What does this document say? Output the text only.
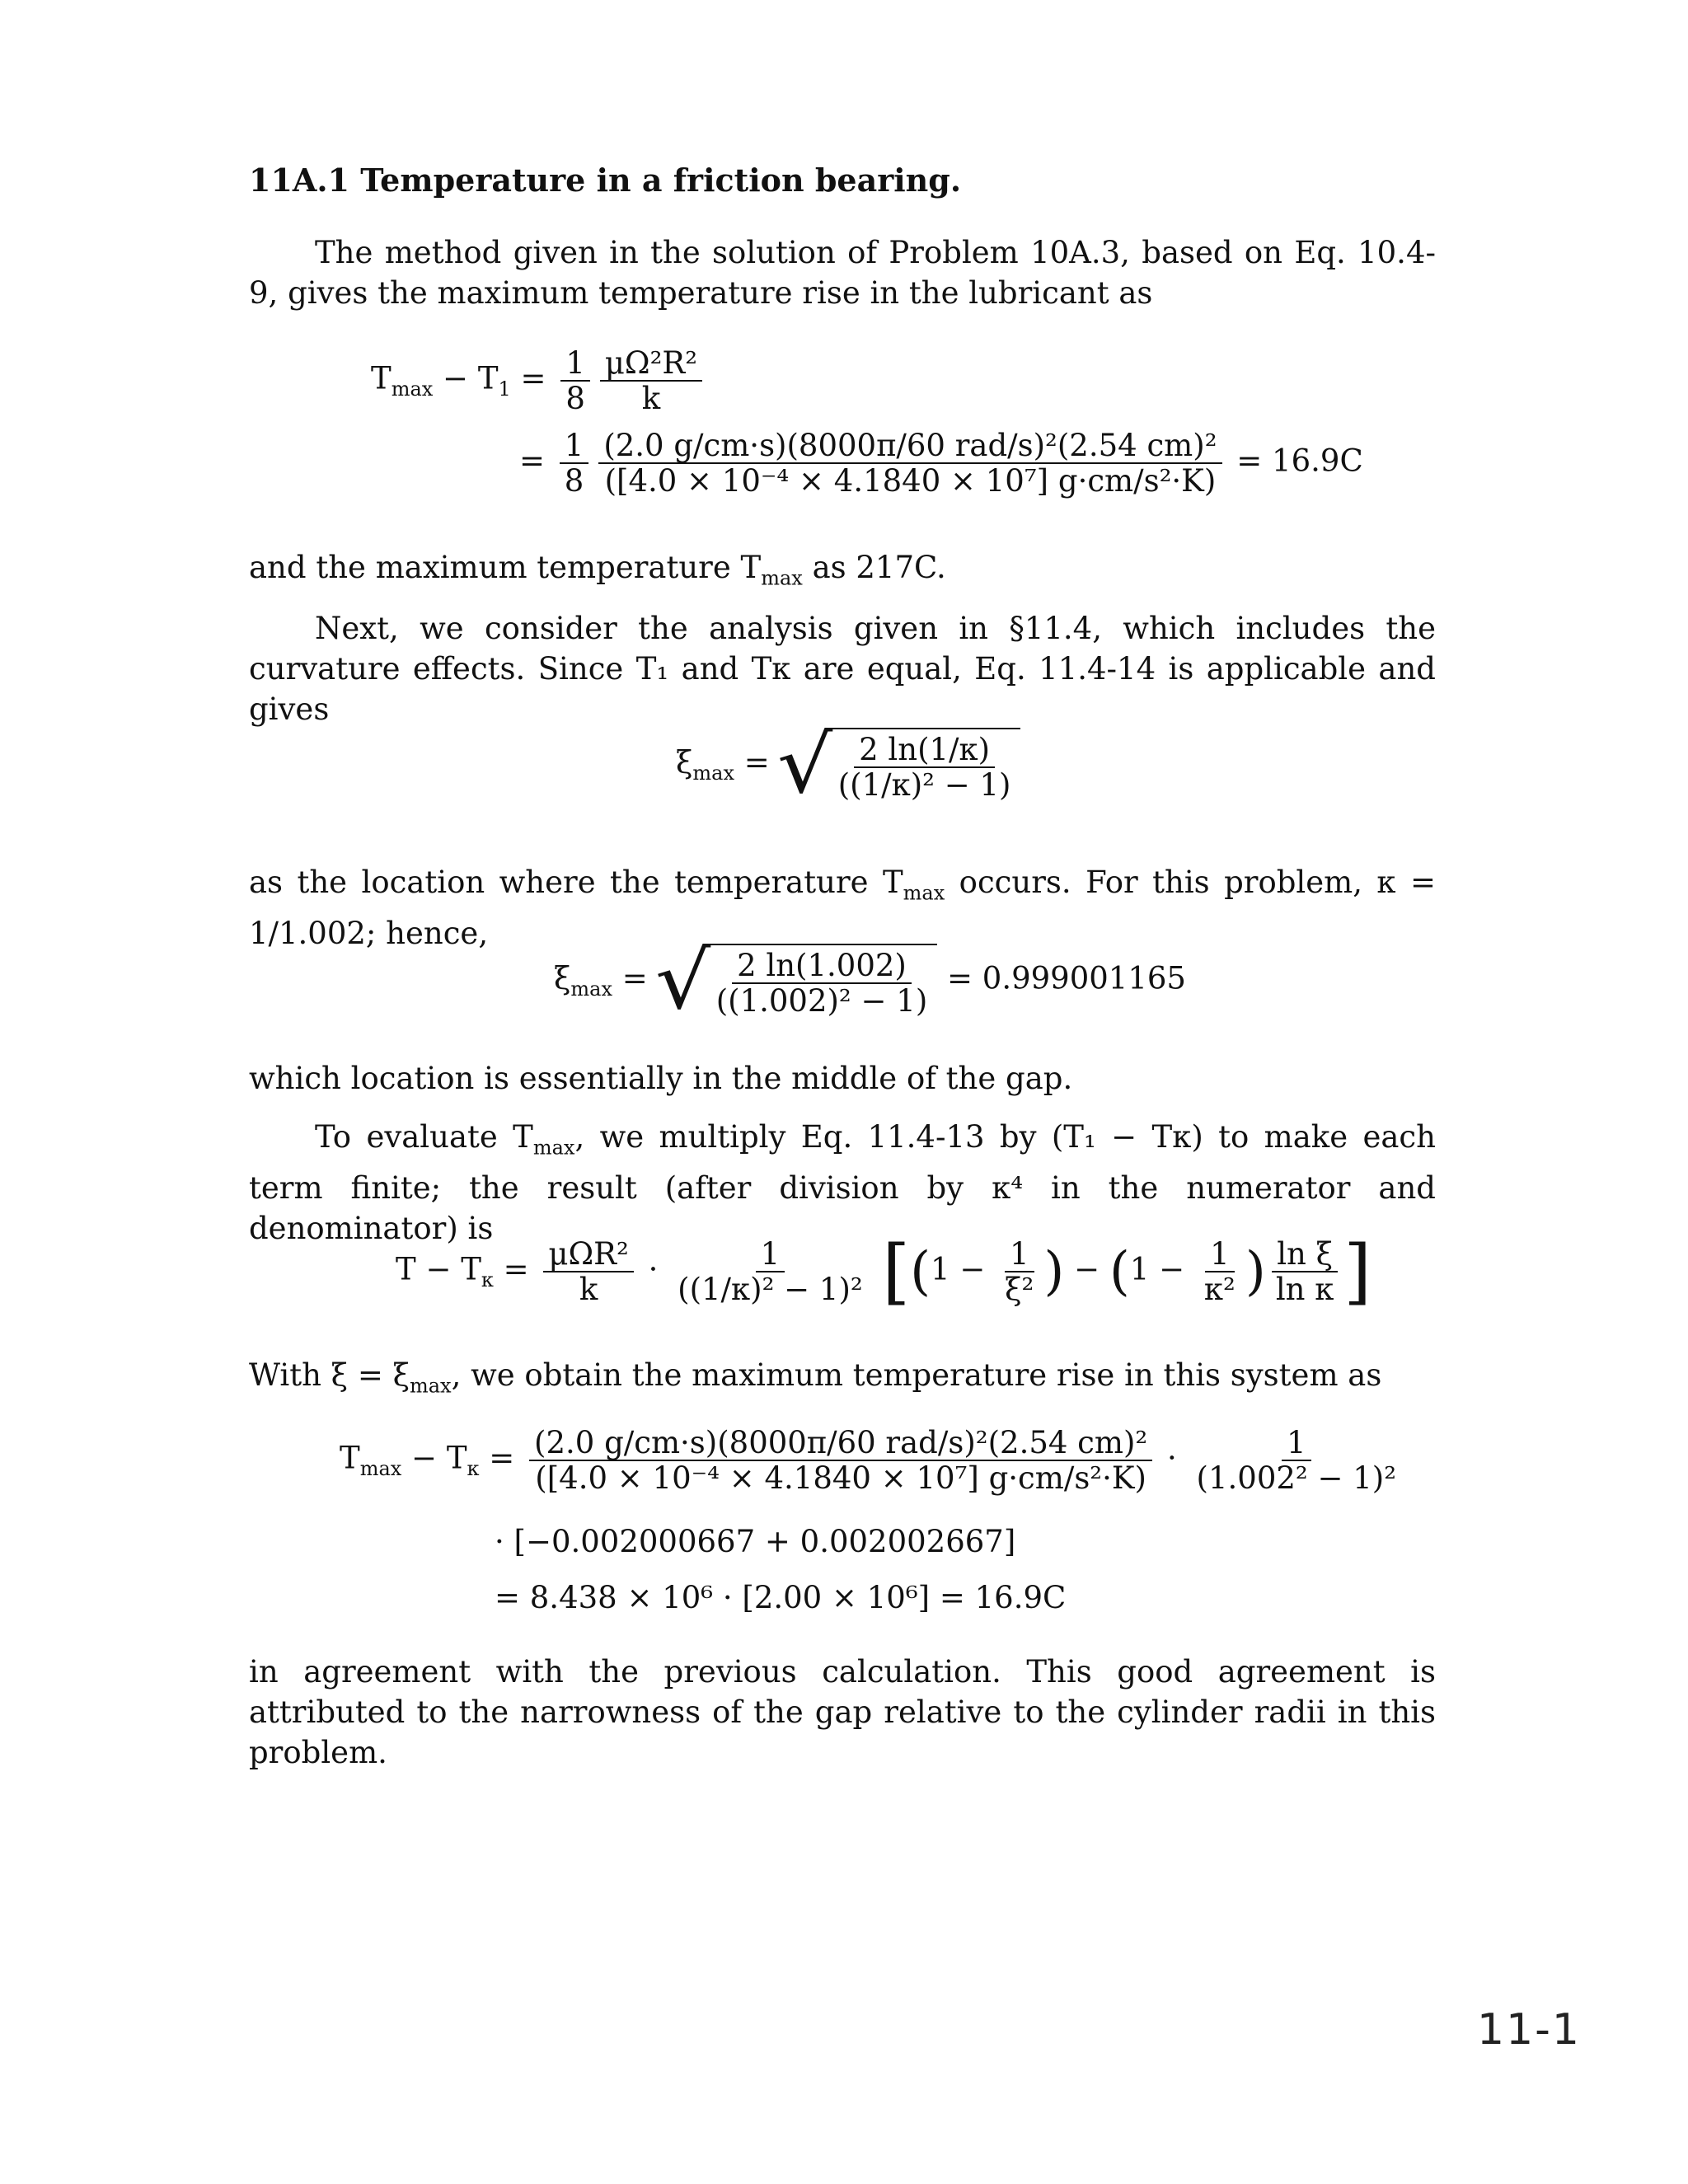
11A.1 Temperature in a friction bearing.

The method given in the solution of Problem 10A.3, based on Eq. 10.4-9, gives the maximum temperature rise in the lubricant as

$T_{max} - T_1 = \frac{1}{8} \frac{\text{μΩ²R²}}{k}$
= $\frac{1}{8} \frac{\text{(2.0 g/cm·s)(8000π/60 rad/s)²(2.54 cm)²}}{\text{([4.0 × 10⁻⁴ × 4.1840 × 10⁷] g·cm/s²·K)}} = 16.9C$

and the maximum temperature $T_{max}$ as 217C.

Next, we consider the analysis given in §11.4, which includes the curvature effects. Since T₁ and Tκ are equal, Eq. 11.4-14 is applicable and gives

$\xi_{max}$ =
√ $\frac{2 \ln(1/\kappa)}{\text{((1/κ)² − 1)}}$

as the location where the temperature $T_{max}$ occurs. For this problem, κ = 1/1.002; hence,

$\xi_{max}$ =
√ $\frac{2 \ln(1.002)}{\text{((1.002)² − 1)}} = 0.999001165$

which location is essentially in the middle of the gap.

To evaluate $T_{max}$, we multiply Eq. 11.4-13 by (T₁ − Tκ) to make each term finite; the result (after division by κ⁴ in the numerator and denominator) is

$T - T_\kappa = \frac{\text{μΩR²}}{k} \cdot \frac{1}{\text{((1/κ)² − 1)²}} [(1 - \frac{1}{\text{ξ²}}$ ) − ($1 - \frac{1}{\text{κ²}}$ ) $\frac{\text{ln ξ}}{\text{ln κ}}$ ]

With $\xi = \xi_{max}$, we obtain the maximum temperature rise in this system as

$T_{max} - T_\kappa = \frac{\text{(2.0 g/cm·s)(8000π/60 rad/s)²(2.54 cm)²}}{\text{([4.0 × 10⁻⁴ × 4.1840 × 10⁷] g·cm/s²·K)}} \cdot \frac{1}{\text{(1.002² − 1)²}}$
· [−0.002000667 + 0.002002667]
= 8.438 × 10⁶ · [2.00 × 10⁶] = 16.9C

in agreement with the previous calculation. This good agreement is attributed to the narrowness of the gap relative to the cylinder radii in this problem.

11-1
